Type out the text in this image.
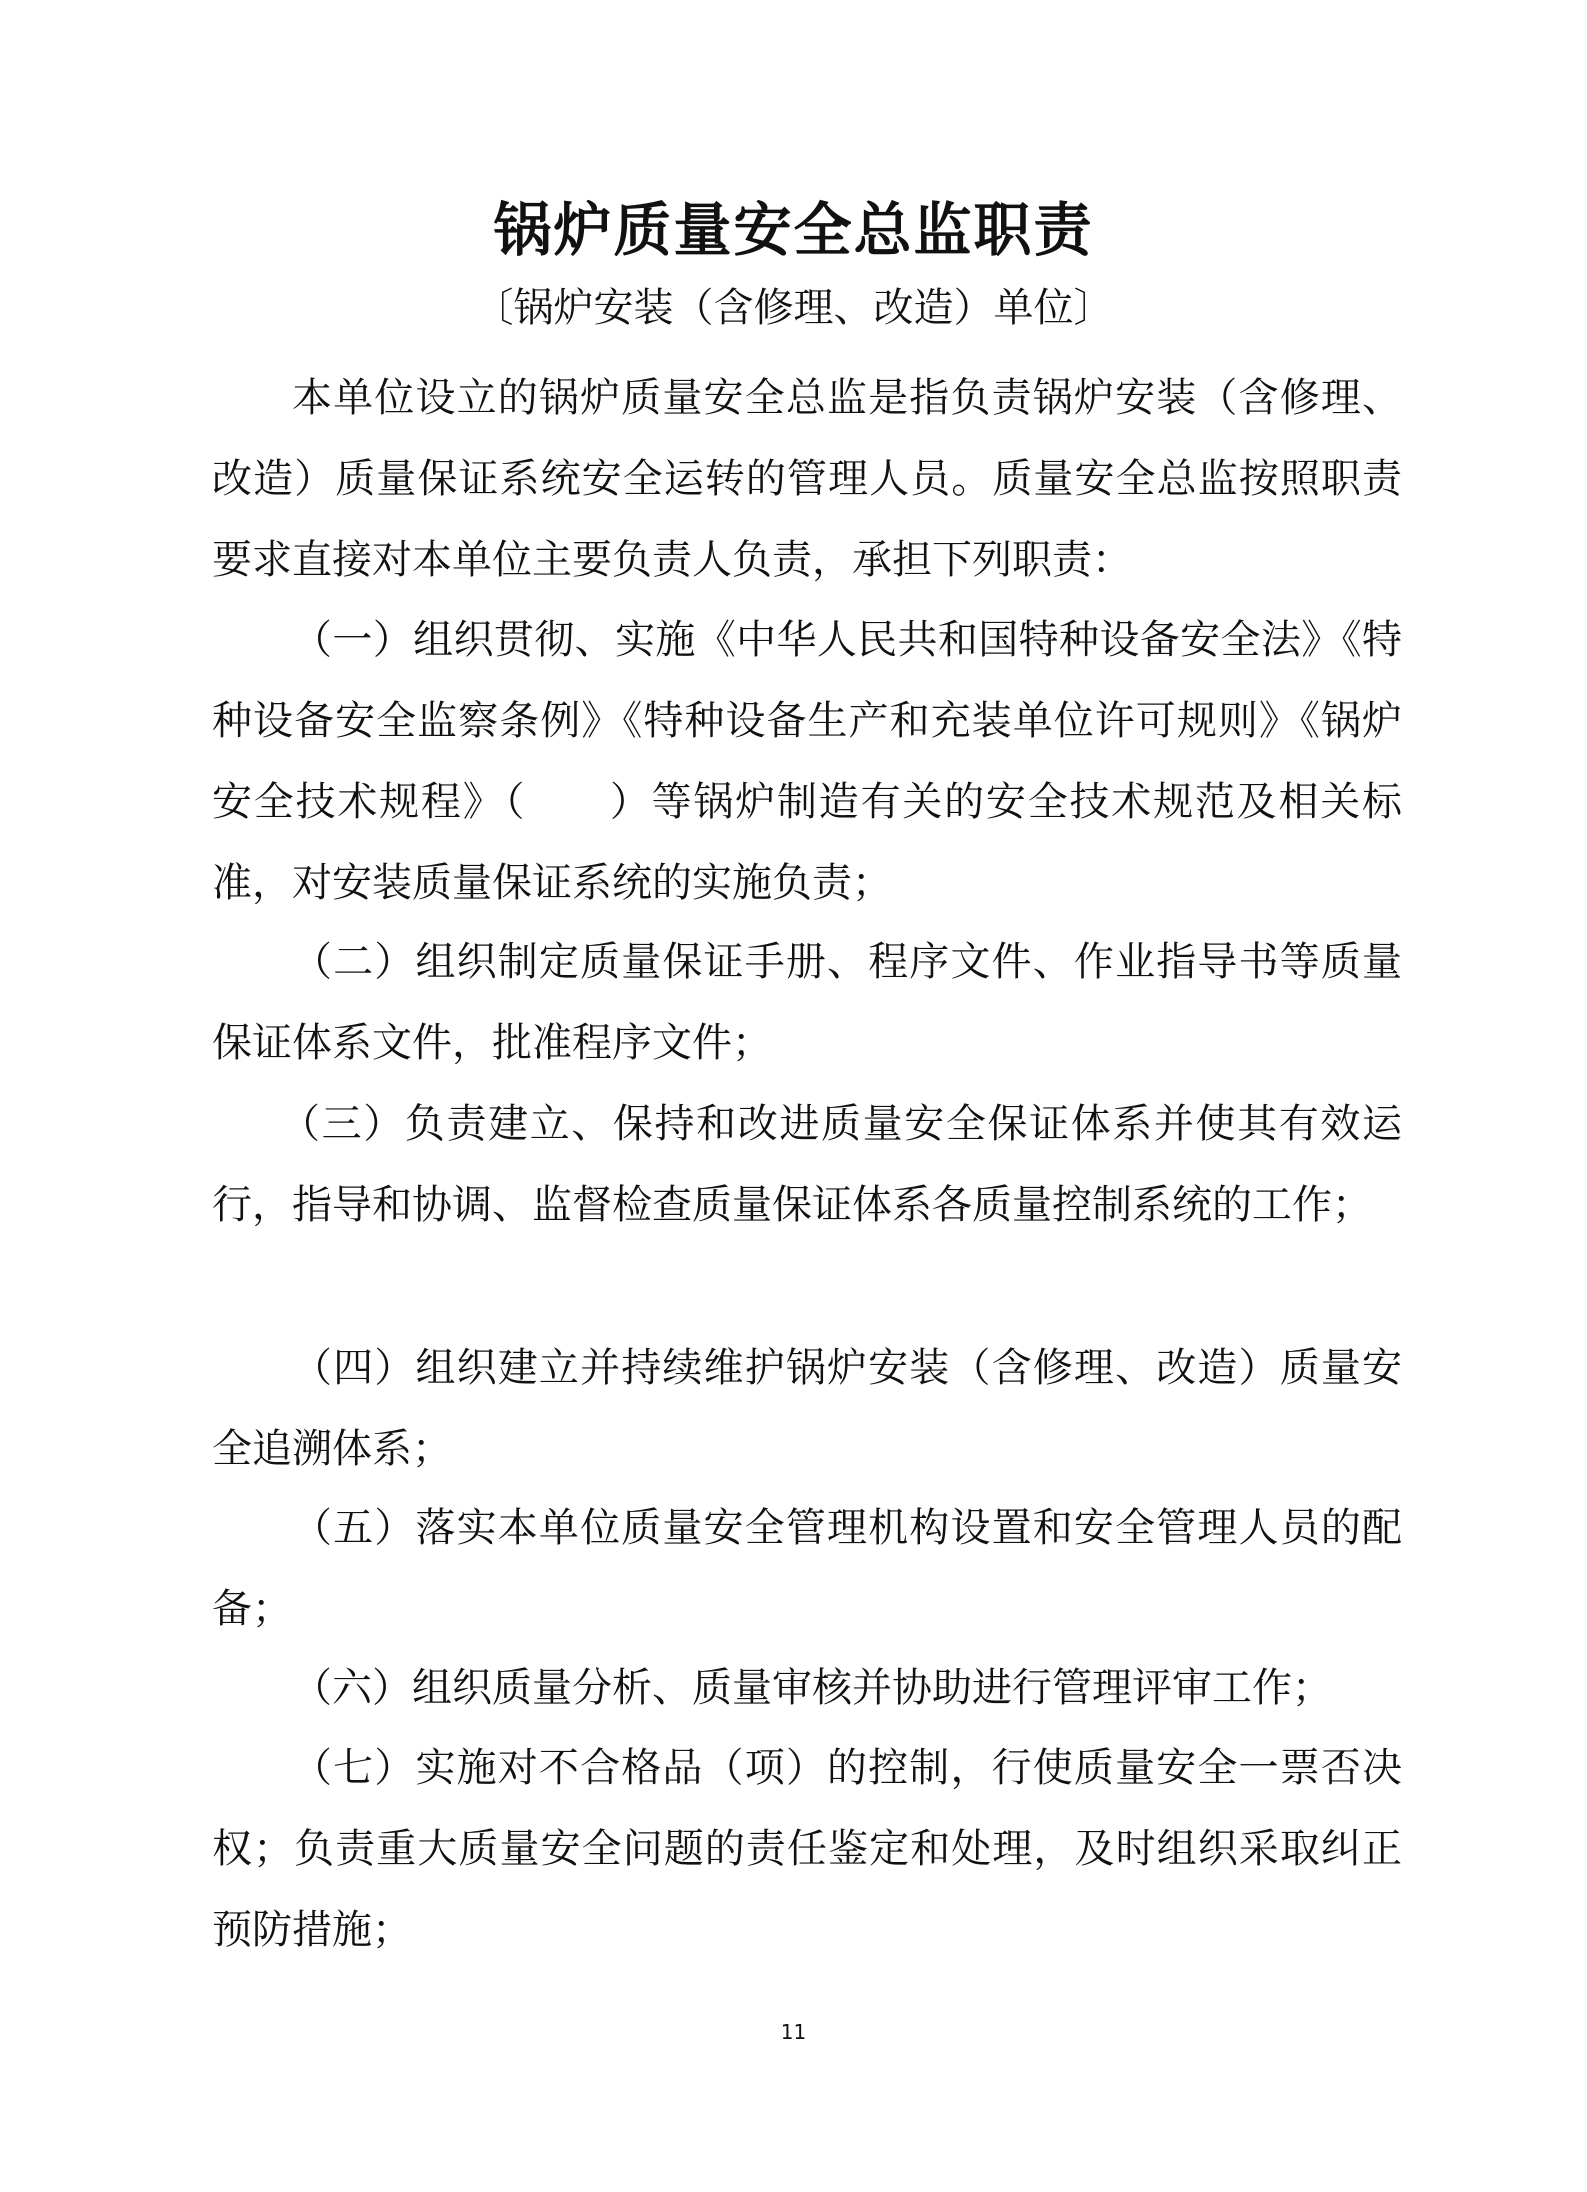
锅炉质量安全总监职责
〔锅炉安装（含修理、改造）单位〕

本单位设立的锅炉质量安全总监是指负责锅炉安装（含修理、改造）质量保证系统安全运转的管理人员。质量安全总监按照职责要求直接对本单位主要负责人负责，承担下列职责：

（一）组织贯彻、实施《中华人民共和国特种设备安全法》《特种设备安全监察条例》《特种设备生产和充装单位许可规则》《锅炉安全技术规程》（　　）等锅炉制造有关的安全技术规范及相关标准，对安装质量保证系统的实施负责；

（二）组织制定质量保证手册、程序文件、作业指导书等质量保证体系文件，批准程序文件；

（三）负责建立、保持和改进质量安全保证体系并使其有效运行，指导和协调、监督检查质量保证体系各质量控制系统的工作；

（四）组织建立并持续维护锅炉安装（含修理、改造）质量安全追溯体系；

（五）落实本单位质量安全管理机构设置和安全管理人员的配备；

（六）组织质量分析、质量审核并协助进行管理评审工作；

（七）实施对不合格品（项）的控制，行使质量安全一票否决权；负责重大质量安全问题的责任鉴定和处理，及时组织采取纠正预防措施；

11
